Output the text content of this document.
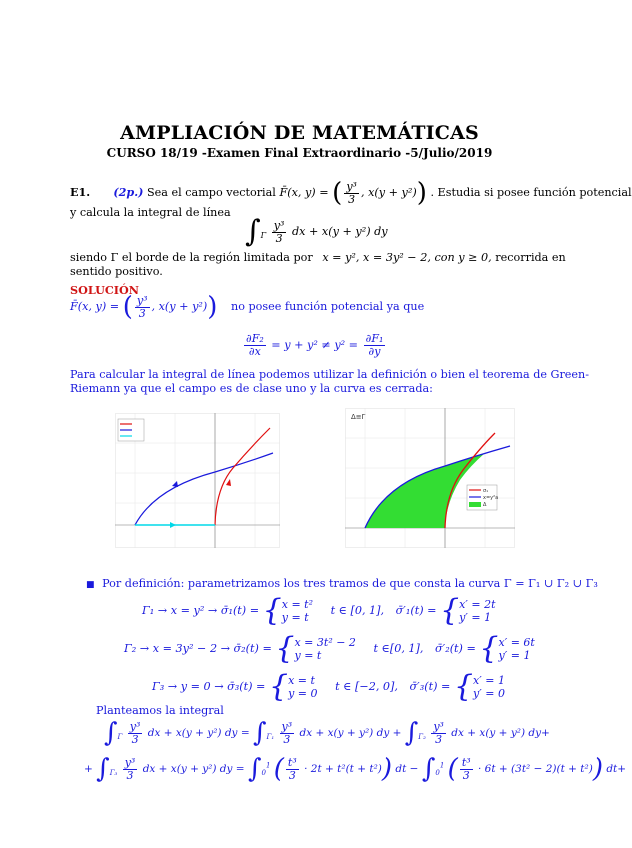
AMPLIACIÓN DE MATEMÁTICAS
CURSO 18/19 -Examen Final Extraordinario -5/Julio/2019
E1. (2p.) Sea el campo vectorial F̄(x, y) = ( $\frac{\text{y³}}{3}$ , x(y + y²)) . Estudia si posee función potencial
y calcula la integral de línea
$\int_\Gamma \frac{\text{y³}}{3}$ dx + x(y + y²) dy
siendo Γ el borde de la región limitada por x = y², x = 3y² − 2, con y ≥ 0, recorrida en
sentido positivo.
SOLUCIÓN
F̄(x, y) = ( $\frac{\text{y³}}{3}$ , x(y + y²)) no posee función potencial ya que
$\frac{\text{∂F₂}}{\partial x} = y + y^2 \ne y^2 = \frac{\text{∂F₁}}{\partial y}$
Para calcular la integral de línea podemos utilizar la definición o bien el teorema de Green-
Riemann ya que el campo es de clase uno y la curva es cerrada:
Δ≡Γ
σ₁
x=y²a
Δ
■ Por definición: parametrizamos los tres tramos de que consta la curva Γ = Γ₁ ∪ Γ₂ ∪ Γ₃
Γ₁ → x = y² → σ̄₁(t) = { x = t²
y = t
t ∈ [0, 1], σ̄′₁(t) = { x′ = 2t
y′ = 1
Γ₂ → x = 3y² − 2 → σ̄₂(t) = { x = 3t² − 2
y = t
t ∈[0, 1], σ̄′₂(t) = { x′ = 6t
y′ = 1
Γ₃ → y = 0 → σ̄₃(t) = { x = t
y = 0
t ∈ [−2, 0], σ̄′₃(t) = { x′ = 1
y′ = 0
Planteamos la integral
$\int_\Gamma \frac{\text{y³}}{3}$ dx + x(y + y²) dy = $\int_{\Gamma_1} \frac{\text{y³}}{3}$ dx + x(y + y²) dy + $\int_{\Gamma_2} \frac{\text{y³}}{3}$ dx + x(y + y²) dy+
+ $\int_{\Gamma_3} \frac{\text{y³}}{3}$ dx + x(y + y²) dy = $\int_0^1$ ( $\frac{\text{t³}}{3} \cdot 2t + t^2(t + t^2)$) dt − $\int_0^1$ ( $\frac{\text{t³}}{3} \cdot 6t + (3t^2 - 2)(t + t^2)$) dt+
